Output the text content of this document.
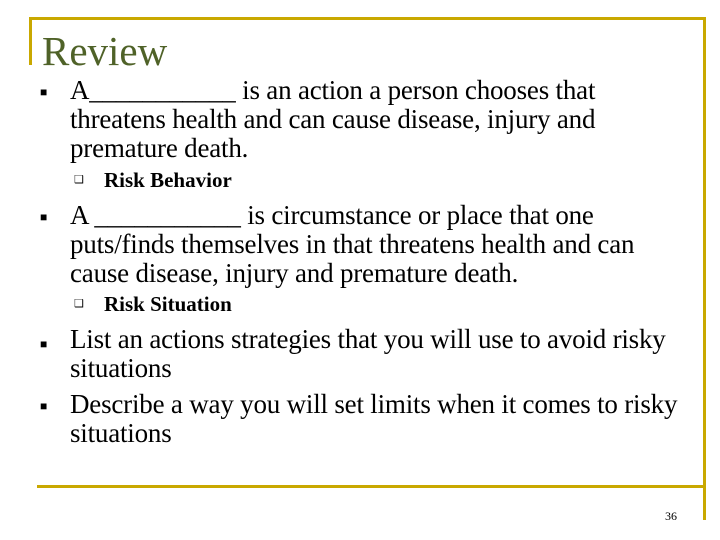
Review
■ A___________ is an action a person chooses that threatens health and can cause disease, injury and premature death.
❑ Risk Behavior
■ A ___________ is circumstance or place that one puts/finds themselves in that threatens health and can cause disease, injury and premature death.
❑ Risk Situation
■ List an actions strategies that you will use to avoid risky situations
■ Describe a way you will set limits when it comes to risky situations
36
